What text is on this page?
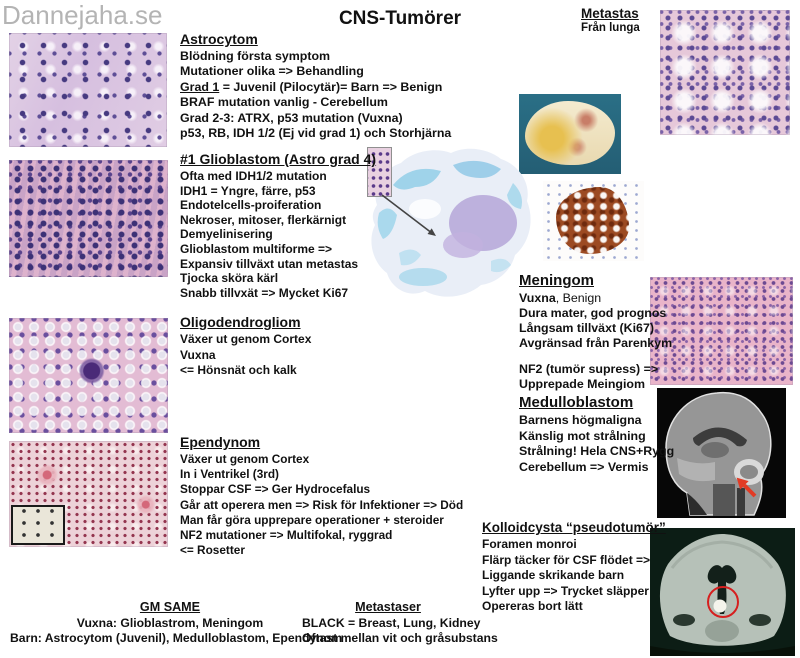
Dannejaha.se	CNS-Tumörer
Astrocytom
Blödning första symptom
Mutationer olika => Behandling
Grad 1 = Juvenil (Pilocytär)= Barn => Benign
BRAF mutation vanlig - Cerebellum
Grad 2-3: ATRX, p53 mutation (Vuxna)
p53, RB, IDH 1/2 (Ej vid grad 1) och Storhjärna
#1 Glioblastom (Astro grad 4)
Ofta med IDH1/2 mutation
IDH1 = Yngre, färre, p53
Endotelcells-proiferation
Nekroser, mitoser, flerkärnigt
Demyelinisering
Glioblastom multiforme =>
Expansiv tillväxt utan metastas
Tjocka sköra kärl
Snabb tillvxät => Mycket Ki67
Oligodendrogliom
Växer ut genom Cortex
Vuxna
<= Hönsnät och kalk
Ependynom
Växer ut genom Cortex
In i Ventrikel (3rd)
Stoppar CSF => Ger Hydrocefalus
Går att operera men => Risk för Infektioner => Död
Man får göra upprepare operationer + steroider
NF2 mutationer => Multifokal, ryggrad
<= Rosetter
Meningom
Vuxna, Benign
Dura mater, god prognos
Långsam tillväxt (Ki67)
Avgränsad från Parenkym
NF2 (tumör supress) =>
Upprepade Meingiom
Medulloblastom
Barnens högmaligna
Känslig mot strålning
Strålning! Hela CNS+Rygg
Cerebellum => Vermis
Kolloidcysta “pseudotumör”
Foramen monroi
Flärp täcker för CSF flödet =>
Liggande skrikande barn
Lyfter upp => Trycket släpper
Opereras bort lätt
Metastas
Från lunga
GM SAME
Vuxna: Glioblastrom, Meningom
Barn: Astrocytom (Juvenil), Medulloblastom, Ependynom
Metastaser
BLACK = Breast, Lung, Kidney
Oftast mellan vit och gråsubstans
